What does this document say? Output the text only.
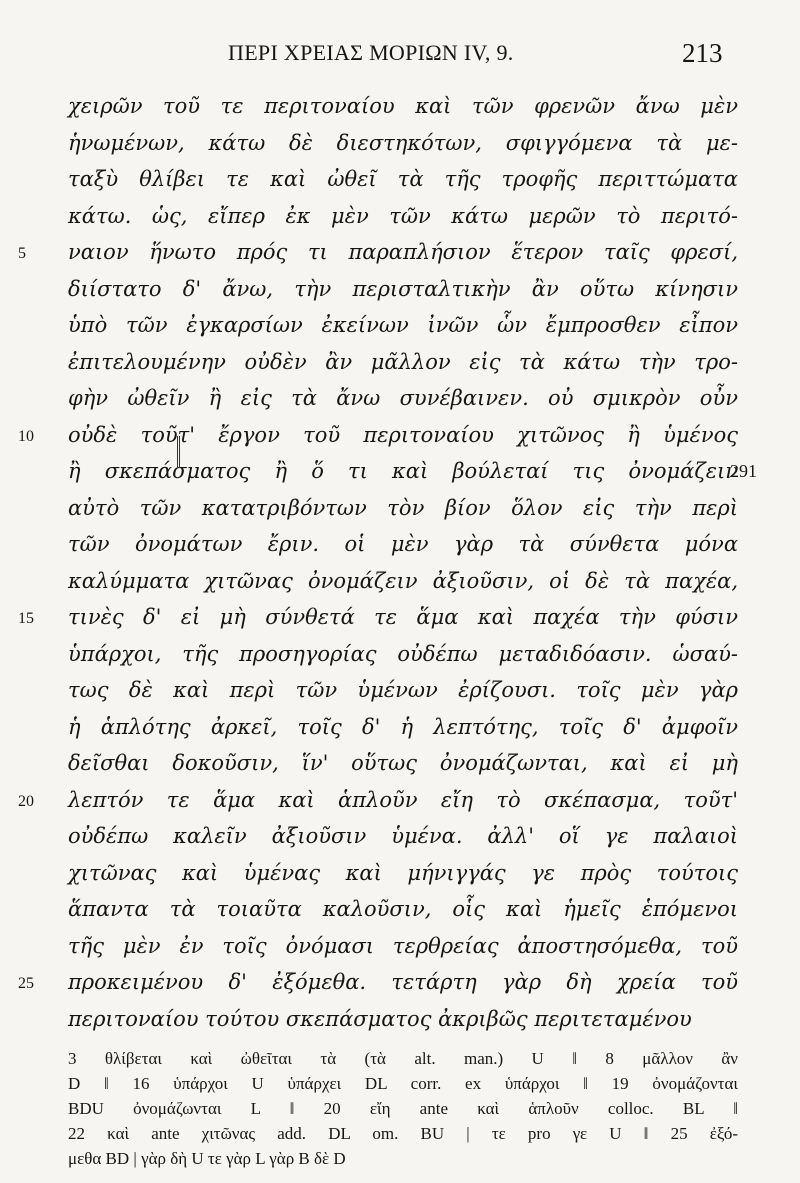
ΠΕΡΙ ΧΡΕΙΑΣ ΜΟΡΙΩΝ IV, 9.	213
χειρῶν τοῦ τε περιτοναίου καὶ τῶν φρενῶν ἄνω μὲν
ἡνωμένων, κάτω δὲ διεστηκότων, σφιγγόμενα τὰ με-
ταξὺ θλίβει τε καὶ ὠθεῖ τὰ τῆς τροφῆς περιττώματα
κάτω. ὡς, εἴπερ ἐκ μὲν τῶν κάτω μερῶν τὸ περιτό-
ναιον ἥνωτο πρός τι παραπλήσιον ἕτερον ταῖς φρεσί,
διίστατο δ' ἄνω, τὴν περισταλτικὴν ἂν οὕτω κίνησιν
ὑπὸ τῶν ἐγκαρσίων ἐκείνων ἰνῶν ὧν ἔμπροσθεν εἶπον
ἐπιτελουμένην οὐδὲν ἂν μᾶλλον εἰς τὰ κάτω τὴν τρο-
φὴν ὠθεῖν ἢ εἰς τὰ ἄνω συνέβαινεν. οὐ σμικρὸν οὖν
οὐδὲ τοῦτ' ἔργον τοῦ περιτοναίου χιτῶνος ἢ ὑμένος
ἢ σκεπάσματος ἢ ὅ τι καὶ βούλεταί τις ὀνομάζειν
αὐτὸ τῶν κατατριβόντων τὸν βίον ὅλον εἰς τὴν περὶ
τῶν ὀνομάτων ἔριν. οἱ μὲν γὰρ τὰ σύνθετα μόνα
καλύμματα χιτῶνας ὀνομάζειν ἀξιοῦσιν, οἱ δὲ τὰ παχέα,
τινὲς δ' εἰ μὴ σύνθετά τε ἅμα καὶ παχέα τὴν φύσιν
ὑπάρχοι, τῆς προσηγορίας οὐδέπω μεταδιδόασιν. ὡσαύ-
τως δὲ καὶ περὶ τῶν ὑμένων ἐρίζουσι. τοῖς μὲν γὰρ
ἡ ἁπλότης ἀρκεῖ, τοῖς δ' ἡ λεπτότης, τοῖς δ' ἀμφοῖν
δεῖσθαι δοκοῦσιν, ἵν' οὕτως ὀνομάζωνται, καὶ εἰ μὴ
λεπτόν τε ἅμα καὶ ἁπλοῦν εἴη τὸ σκέπασμα, τοῦτ'
οὐδέπω καλεῖν ἀξιοῦσιν ὑμένα. ἀλλ' οἵ γε παλαιοὶ
χιτῶνας καὶ ὑμένας καὶ μήνιγγάς γε πρὸς τούτοις
ἅπαντα τὰ τοιαῦτα καλοῦσιν, οἷς καὶ ἡμεῖς ἑπόμενοι
τῆς μὲν ἐν τοῖς ὀνόμασι τερθρείας ἀποστησόμεθα, τοῦ
προκειμένου δ' ἐξόμεθα. τετάρτη γὰρ δὴ χρεία τοῦ
περιτοναίου τούτου σκεπάσματος ἀκριβῶς περιτεταμένου
5
10
15
20
25
291
3 θλίβεται καὶ ὠθεῖται τὰ (τὰ alt. man.) U ‖ 8 μᾶλλον ἂν
D ‖ 16 ὑπάρχοι U ὑπάρχει DL corr. ex ὑπάρχοι ‖ 19 ὀνομάζονται
BDU ὀνομάζωνται L ‖ 20 εἴη ante καὶ ἁπλοῦν colloc. BL ‖
22 καὶ ante χιτῶνας add. DL om. BU | τε pro γε U ‖ 25 ἐξό-
μεθα BD | γὰρ δὴ U τε γὰρ L γὰρ B δὲ D
